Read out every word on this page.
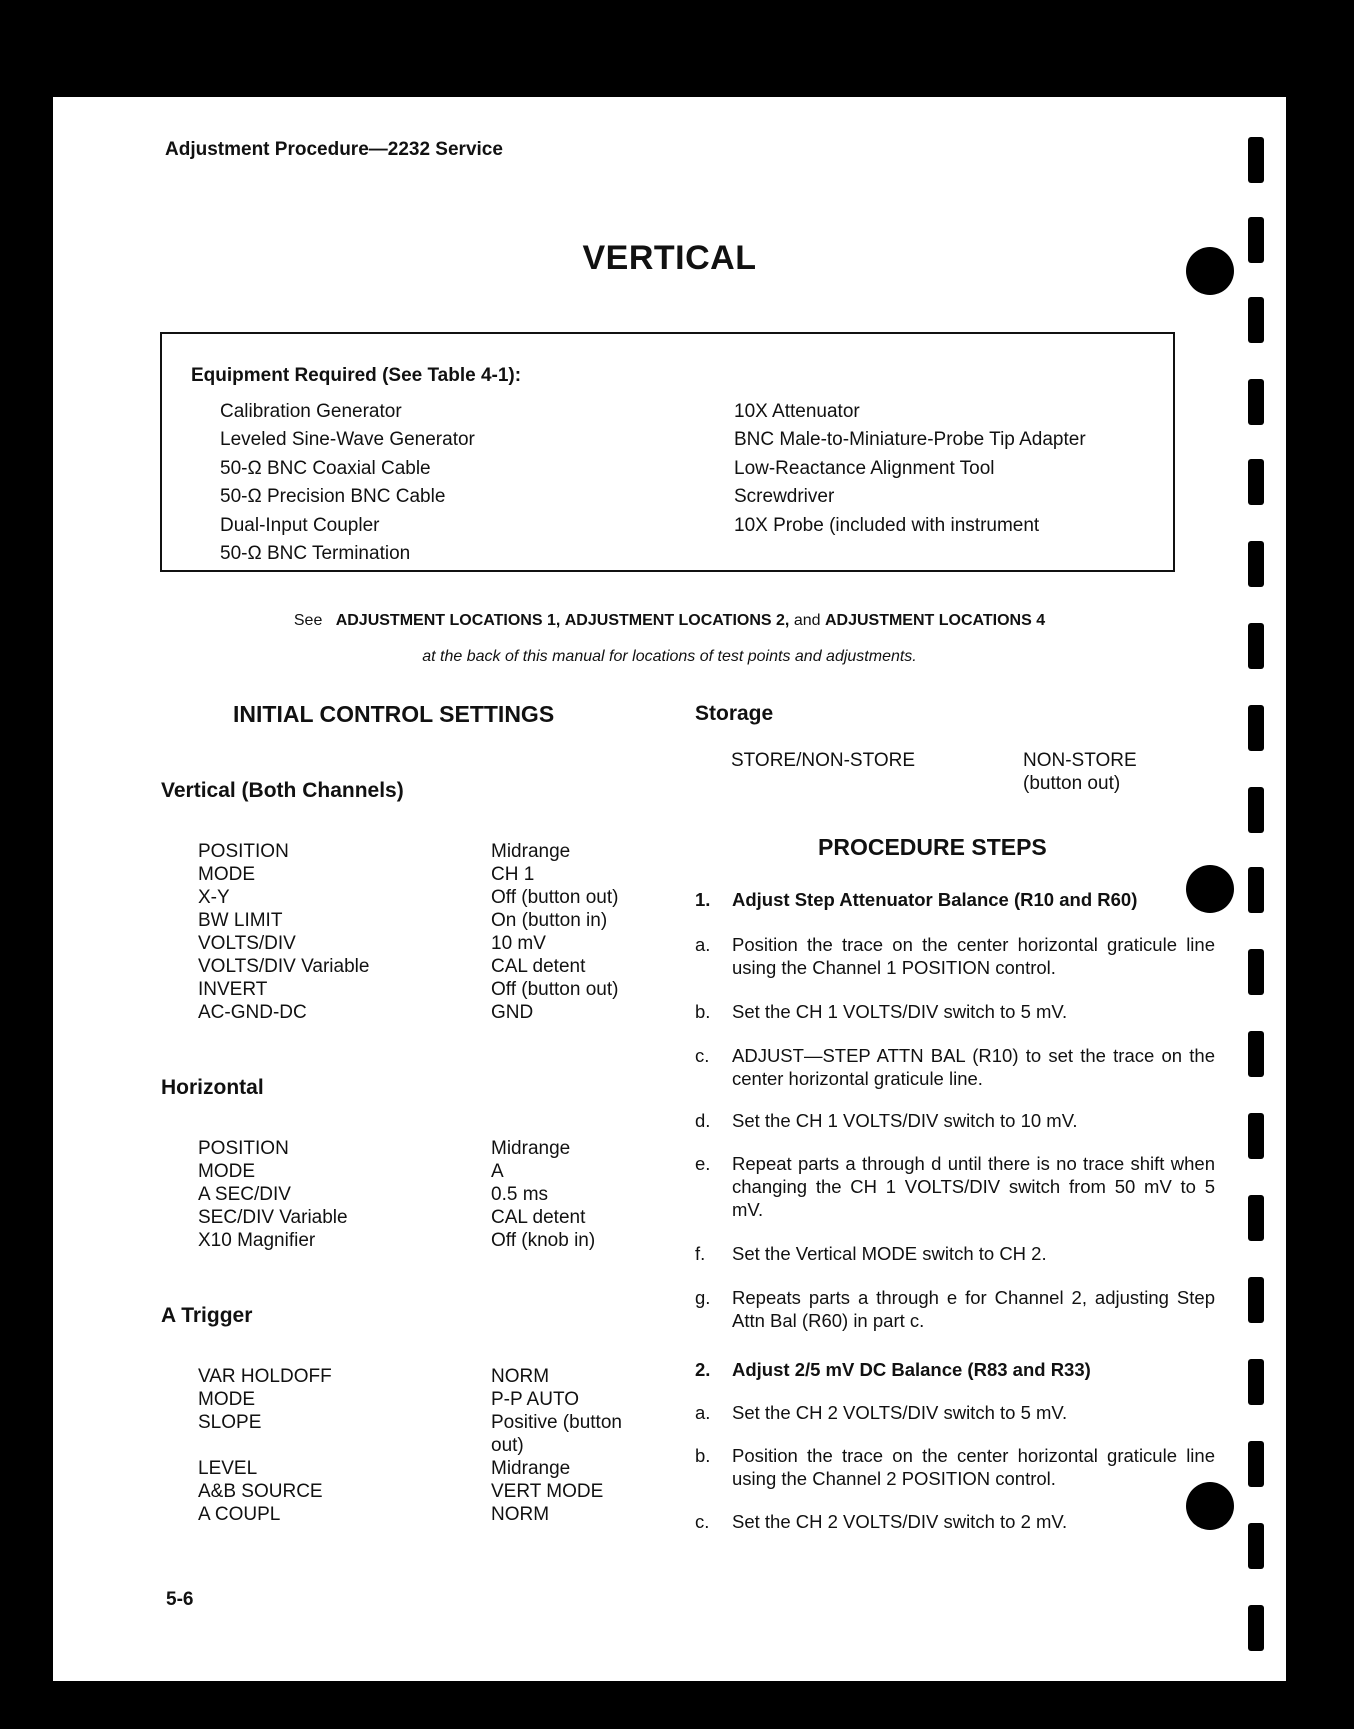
Adjustment Procedure—2232 Service
VERTICAL
Equipment Required (See Table 4-1):
Calibration Generator
Leveled Sine-Wave Generator
50-Ω BNC Coaxial Cable
50-Ω Precision BNC Cable
Dual-Input Coupler
50-Ω BNC Termination
10X Attenuator
BNC Male-to-Miniature-Probe Tip Adapter
Low-Reactance Alignment Tool
Screwdriver
10X Probe (included with instrument
See ADJUSTMENT LOCATIONS 1, ADJUSTMENT LOCATIONS 2, and ADJUSTMENT LOCATIONS 4
at the back of this manual for locations of test points and adjustments.
INITIAL CONTROL SETTINGS
Vertical (Both Channels)
POSITION
MODE
X-Y
BW LIMIT
VOLTS/DIV
VOLTS/DIV Variable
INVERT
AC-GND-DC
Midrange
CH 1
Off (button out)
On (button in)
10 mV
CAL detent
Off (button out)
GND
Horizontal
POSITION
MODE
A SEC/DIV
SEC/DIV Variable
X10 Magnifier
Midrange
A
0.5 ms
CAL detent
Off (knob in)
A Trigger
VAR HOLDOFF
MODE
SLOPE
LEVEL
A&B SOURCE
A COUPL
NORM
P-P AUTO
Positive (button
out)
Midrange
VERT MODE
NORM
Storage
STORE/NON-STORE	NON-STORE
(button out)
PROCEDURE STEPS
1. Adjust Step Attenuator Balance (R10 and R60)
a. Position the trace on the center horizontal graticule line using the Channel 1 POSITION control.
b. Set the CH 1 VOLTS/DIV switch to 5 mV.
c. ADJUST—STEP ATTN BAL (R10) to set the trace on the center horizontal graticule line.
d. Set the CH 1 VOLTS/DIV switch to 10 mV.
e. Repeat parts a through d until there is no trace shift when changing the CH 1 VOLTS/DIV switch from 50 mV to 5 mV.
f. Set the Vertical MODE switch to CH 2.
g. Repeats parts a through e for Channel 2, adjusting Step Attn Bal (R60) in part c.
2. Adjust 2/5 mV DC Balance (R83 and R33)
a. Set the CH 2 VOLTS/DIV switch to 5 mV.
b. Position the trace on the center horizontal graticule line using the Channel 2 POSITION control.
c. Set the CH 2 VOLTS/DIV switch to 2 mV.
5-6
